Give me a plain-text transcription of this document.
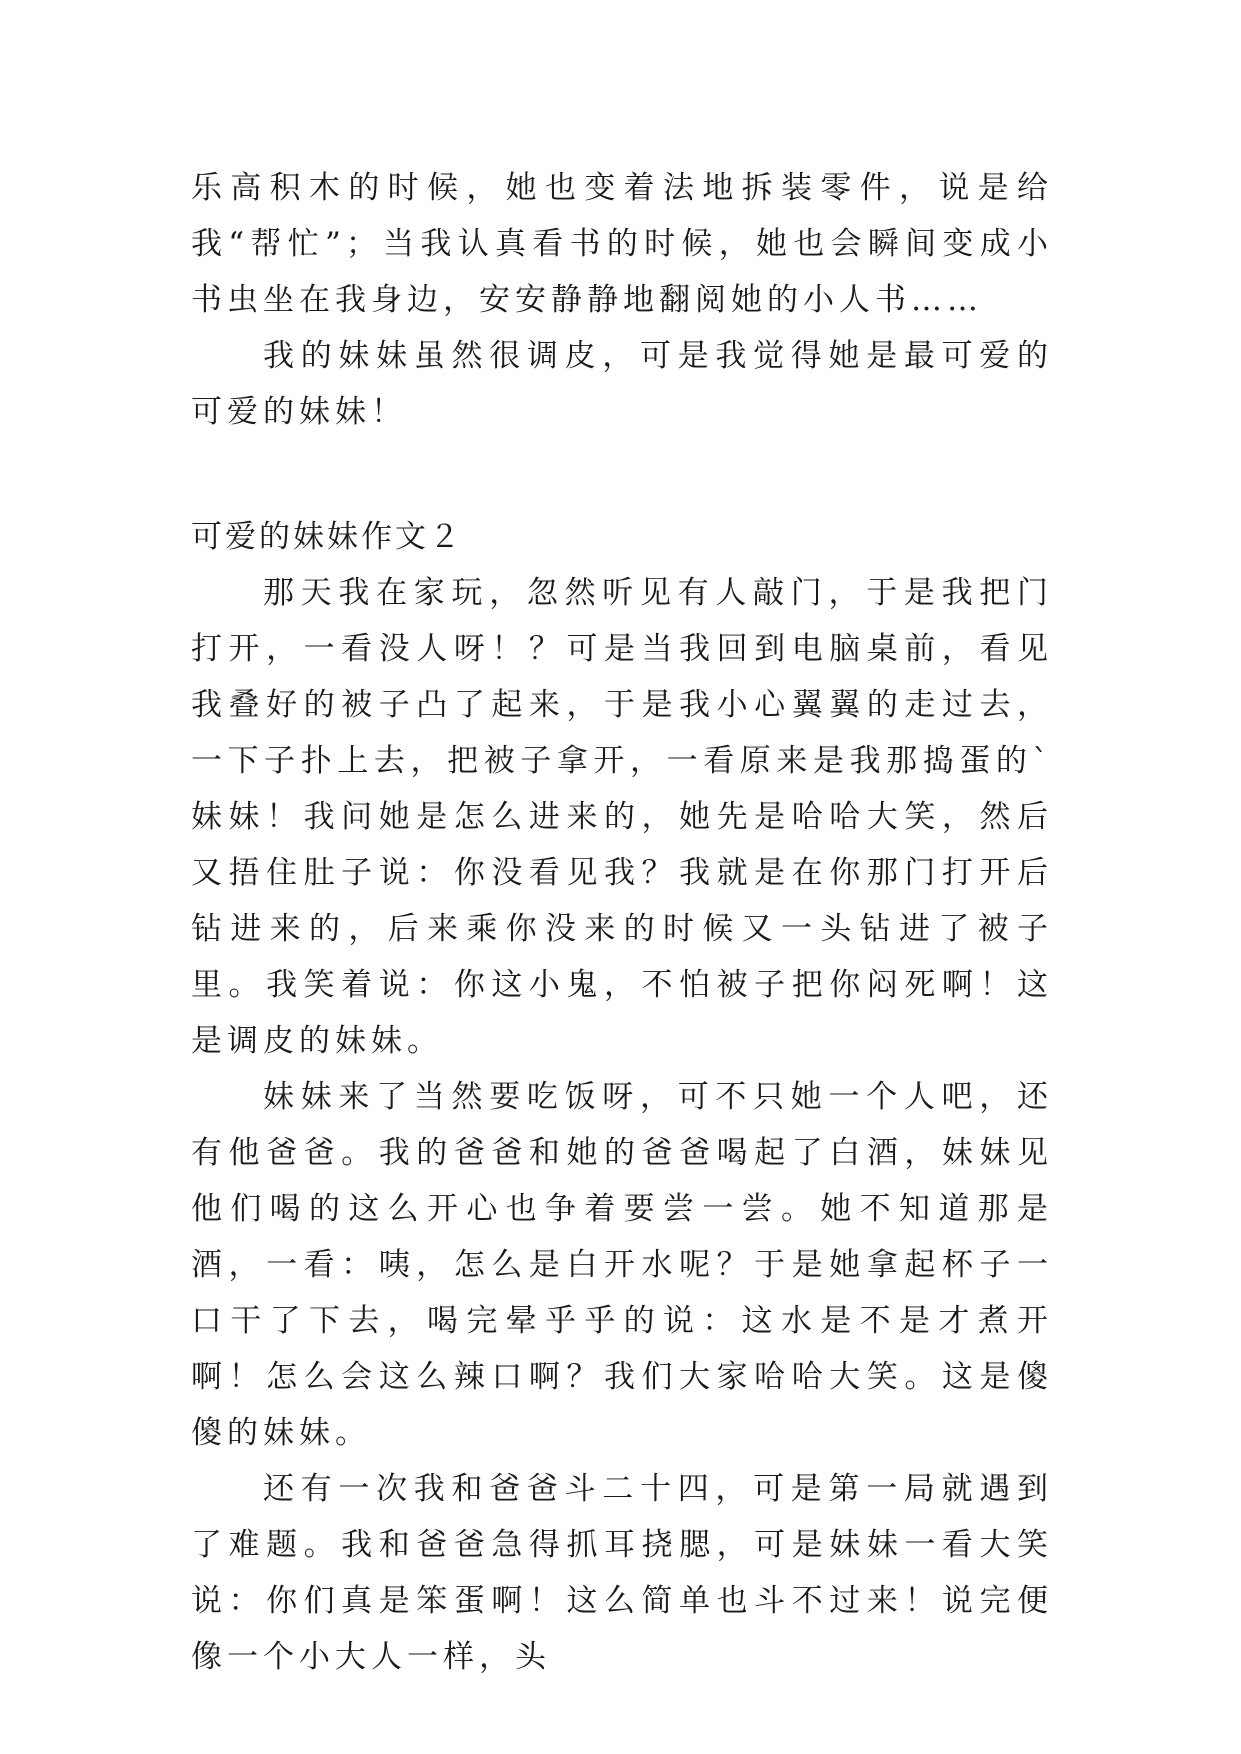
乐高积木的时候，她也变着法地拆装零件，说是给我“帮忙”；当我认真看书的时候，她也会瞬间变成小书虫坐在我身边，安安静静地翻阅她的小人书……

我的妹妹虽然很调皮，可是我觉得她是最可爱的可爱的妹妹！

可爱的妹妹作文２

那天我在家玩，忽然听见有人敲门，于是我把门打开，一看没人呀！？可是当我回到电脑桌前，看见我叠好的被子凸了起来，于是我小心翼翼的走过去，一下子扑上去，把被子拿开，一看原来是我那捣蛋的`妹妹！我问她是怎么进来的，她先是哈哈大笑，然后又捂住肚子说：你没看见我？我就是在你那门打开后钻进来的，后来乘你没来的时候又一头钻进了被子里。我笑着说：你这小鬼，不怕被子把你闷死啊！这是调皮的妹妹。

妹妹来了当然要吃饭呀，可不只她一个人吧，还有他爸爸。我的爸爸和她的爸爸喝起了白酒，妹妹见他们喝的这么开心也争着要尝一尝。她不知道那是酒，一看：咦，怎么是白开水呢？于是她拿起杯子一口干了下去，喝完晕乎乎的说：这水是不是才煮开啊！怎么会这么辣口啊？我们大家哈哈大笑。这是傻傻的妹妹。

还有一次我和爸爸斗二十四，可是第一局就遇到了难题。我和爸爸急得抓耳挠腮，可是妹妹一看大笑说：你们真是笨蛋啊！这么简单也斗不过来！说完便像一个小大人一样，头
